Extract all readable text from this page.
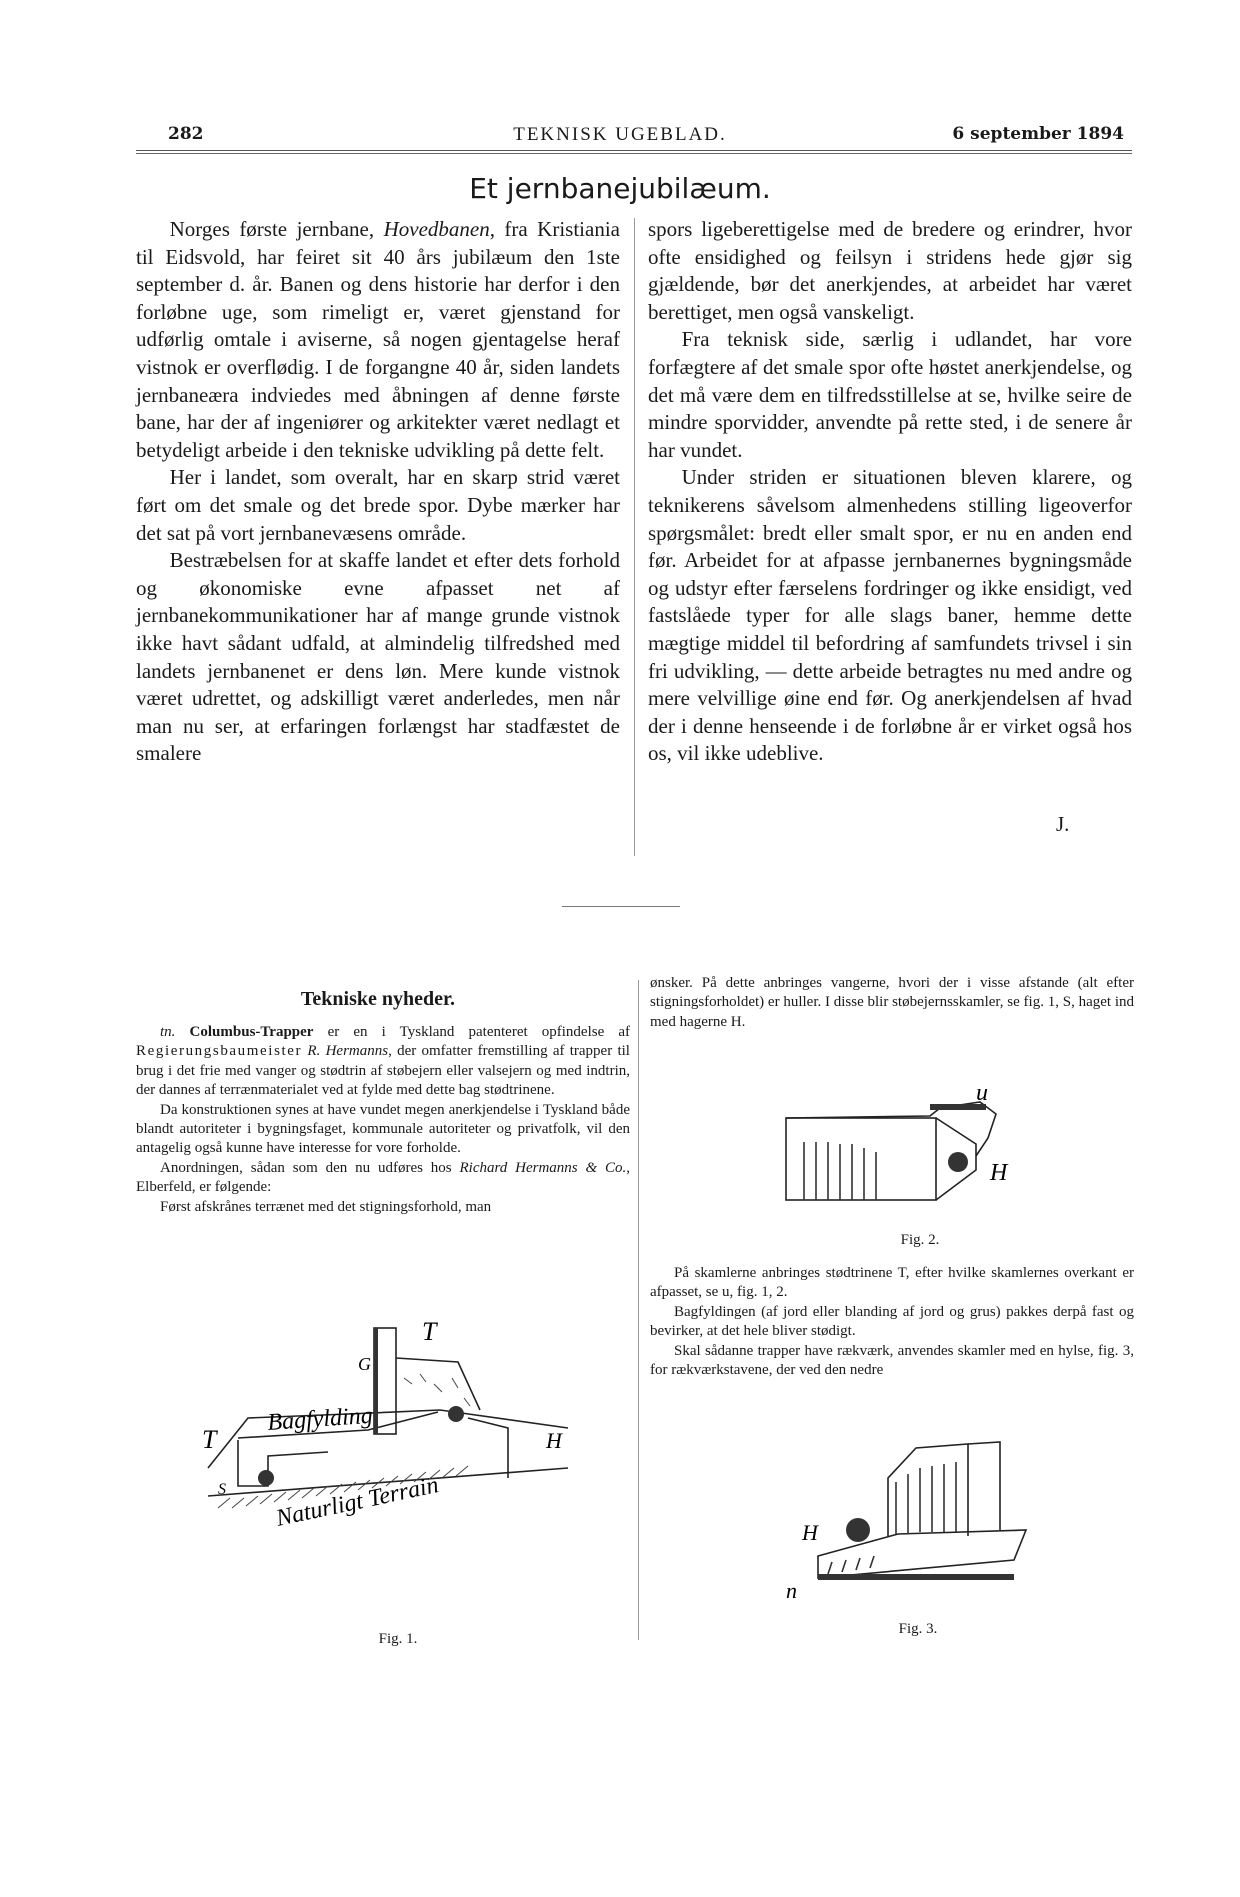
282	TEKNISK UGEBLAD.	6 september 1894
Et jernbanejubilæum.

Norges første jernbane, Hovedbanen, fra Kristiania til Eidsvold, har feiret sit 40 års jubilæum den 1ste september d. år. Banen og dens historie har derfor i den forløbne uge, som rimeligt er, været gjenstand for udførlig omtale i aviserne, så nogen gjentagelse heraf vistnok er overflødig. I de forgangne 40 år, siden landets jernbaneæra indviedes med åbningen af denne første bane, har der af ingeniører og arkitekter været nedlagt et betydeligt arbeide i den tekniske udvikling på dette felt.

Her i landet, som overalt, har en skarp strid været ført om det smale og det brede spor. Dybe mærker har det sat på vort jernbanevæsens område.

Bestræbelsen for at skaffe landet et efter dets forhold og økonomiske evne afpasset net af jernbanekommunikationer har af mange grunde vistnok ikke havt sådant udfald, at almindelig tilfredshed med landets jernbanenet er dens løn. Mere kunde vistnok været udrettet, og adskilligt været anderledes, men når man nu ser, at erfaringen forlængst har stadfæstet de smalere

spors ligeberettigelse med de bredere og erindrer, hvor ofte ensidighed og feilsyn i stridens hede gjør sig gjældende, bør det anerkjendes, at arbeidet har været berettiget, men også vanskeligt.

Fra teknisk side, særlig i udlandet, har vore forfægtere af det smale spor ofte høstet anerkjendelse, og det må være dem en tilfredsstillelse at se, hvilke seire de mindre sporvidder, anvendte på rette sted, i de senere år har vundet.

Under striden er situationen bleven klarere, og teknikerens såvelsom almenhedens stilling ligeoverfor spørgsmålet: bredt eller smalt spor, er nu en anden end før. Arbeidet for at afpasse jernbanernes bygningsmåde og udstyr efter færselens fordringer og ikke ensidigt, ved fastslåede typer for alle slags baner, hemme dette mægtige middel til befordring af samfundets trivsel i sin fri udvikling, — dette arbeide betragtes nu med andre og mere velvillige øine end før. Og anerkjendelsen af hvad der i denne henseende i de forløbne år er virket også hos os, vil ikke udeblive.

J.
Tekniske nyheder.

tn. Columbus-Trapper er en i Tyskland patenteret opfindelse af Regierungsbaumeister R. Hermanns, der omfatter fremstilling af trapper til brug i det frie med vanger og stødtrin af støbejern eller valsejern og med indtrin, der dannes af terrænmaterialet ved at fylde med dette bag stødtrinene.

Da konstruktionen synes at have vundet megen anerkjendelse i Tyskland både blandt autoriteter i bygningsfaget, kommunale autoriteter og privatfolk, vil den antagelig også kunne have interesse for vore forholde.

Anordningen, sådan som den nu udføres hos Richard Hermanns & Co., Elberfeld, er følgende:

Først afskrånes terrænet med det stigningsforhold, man

ønsker. På dette anbringes vangerne, hvori der i visse afstande (alt efter stigningsforholdet) er huller. I disse blir støbejernsskamler, se fig. 1, S, haget ind med hagerne H.

T
G
T	H
S
Bagfylding
Naturligt Terrain
Fig. 1.
u
H
Fig. 2.

På skamlerne anbringes stødtrinene T, efter hvilke skamlernes overkant er afpasset, se u, fig. 1, 2.

Bagfyldingen (af jord eller blanding af jord og grus) pakkes derpå fast og bevirker, at det hele bliver stødigt.

Skal sådanne trapper have rækværk, anvendes skamler med en hylse, fig. 3, for rækværkstavene, der ved den nedre

H
n
Fig. 3.
